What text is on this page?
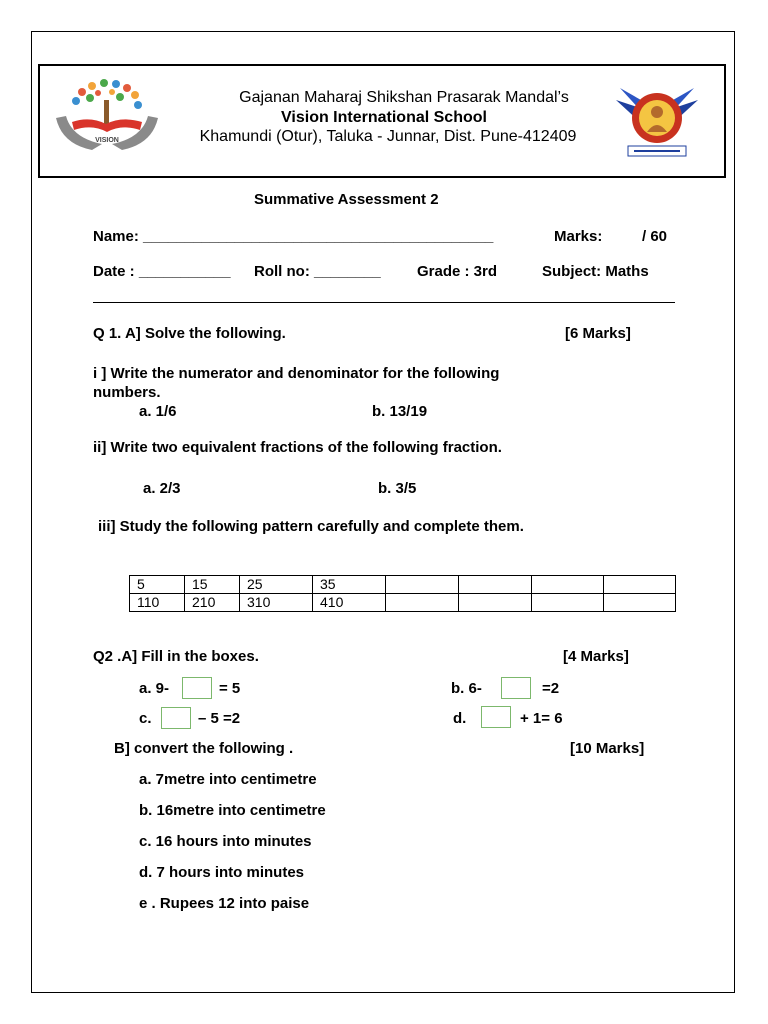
VISION
Gajanan Maharaj Shikshan Prasarak Mandal’s
Vision International School
Khamundi (Otur), Taluka - Junnar, Dist. Pune-412409
Summative Assessment 2
Name: __________________________________________	Marks:	/ 60
Date : ___________ Roll no: ________ Grade : 3rd	Subject: Maths
Q 1. A] Solve the following.	[6 Marks]
i ] Write the numerator and denominator for the following
numbers.
a. 1/6	b. 13/19
ii] Write two equivalent fractions of the following fraction.
a. 2/3	b. 3/5
iii] Study the following pattern carefully and complete them.
5	15	25	35				
110	210	310	410				
Q2 .A] Fill in the boxes.	[4 Marks]
a. 9-	= 5	b. 6-	=2
c.	– 5 =2	d.	+ 1= 6
B] convert the following .	[10 Marks]
a. 7metre into centimetre
b. 16metre into centimetre
c. 16 hours into minutes
d. 7 hours into minutes
e . Rupees 12 into paise
